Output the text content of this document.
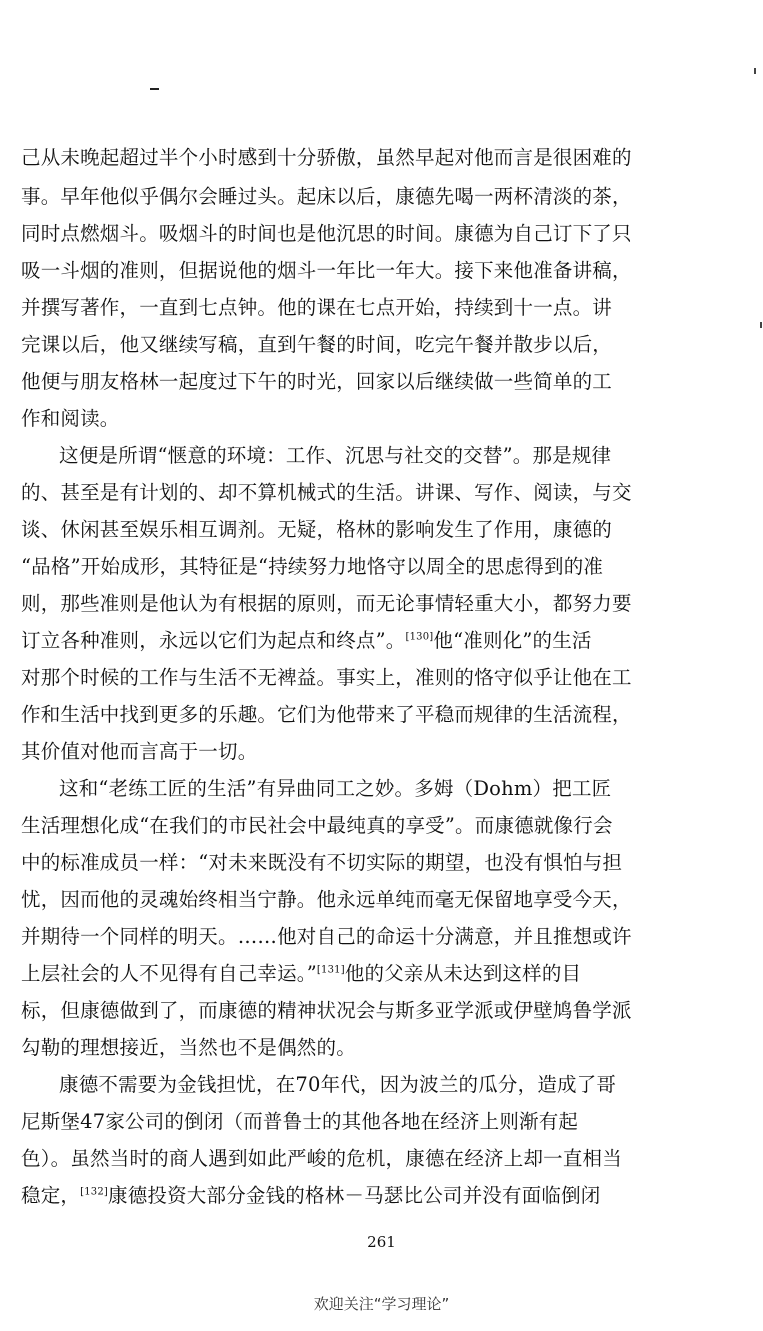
己从未晚起超过半个小时感到十分骄傲，虽然早起对他而言是很困难的
事。早年他似乎偶尔会睡过头。起床以后，康德先喝一两杯清淡的茶，
同时点燃烟斗。吸烟斗的时间也是他沉思的时间。康德为自己订下了只
吸一斗烟的准则，但据说他的烟斗一年比一年大。接下来他准备讲稿，
并撰写著作，一直到七点钟。他的课在七点开始，持续到十一点。讲
完课以后，他又继续写稿，直到午餐的时间，吃完午餐并散步以后，
他便与朋友格林一起度过下午的时光，回家以后继续做一些简单的工
作和阅读。
这便是所谓“惬意的环境：工作、沉思与社交的交替”。那是规律
的、甚至是有计划的、却不算机械式的生活。讲课、写作、阅读，与交
谈、休闲甚至娱乐相互调剂。无疑，格林的影响发生了作用，康德的
“品格”开始成形，其特征是“持续努力地恪守以周全的思虑得到的准
则，那些准则是他认为有根据的原则，而无论事情轻重大小，都努力要
订立各种准则，永远以它们为起点和终点”。[130]他“准则化”的生活
对那个时候的工作与生活不无裨益。事实上，准则的恪守似乎让他在工
作和生活中找到更多的乐趣。它们为他带来了平稳而规律的生活流程，
其价值对他而言高于一切。
这和“老练工匠的生活”有异曲同工之妙。多姆（Dohm）把工匠
生活理想化成“在我们的市民社会中最纯真的享受”。而康德就像行会
中的标准成员一样：“对未来既没有不切实际的期望，也没有惧怕与担
忧，因而他的灵魂始终相当宁静。他永远单纯而毫无保留地享受今天，
并期待一个同样的明天。……他对自己的命运十分满意，并且推想或许
上层社会的人不见得有自己幸运。”[131]他的父亲从未达到这样的目
标，但康德做到了，而康德的精神状况会与斯多亚学派或伊壁鸠鲁学派
勾勒的理想接近，当然也不是偶然的。
康德不需要为金钱担忧，在70年代，因为波兰的瓜分，造成了哥
尼斯堡47家公司的倒闭（而普鲁士的其他各地在经济上则渐有起
色）。虽然当时的商人遇到如此严峻的危机，康德在经济上却一直相当
稳定，[132]康德投资大部分金钱的格林－马瑟比公司并没有面临倒闭
261
欢迎关注“学习理论”
